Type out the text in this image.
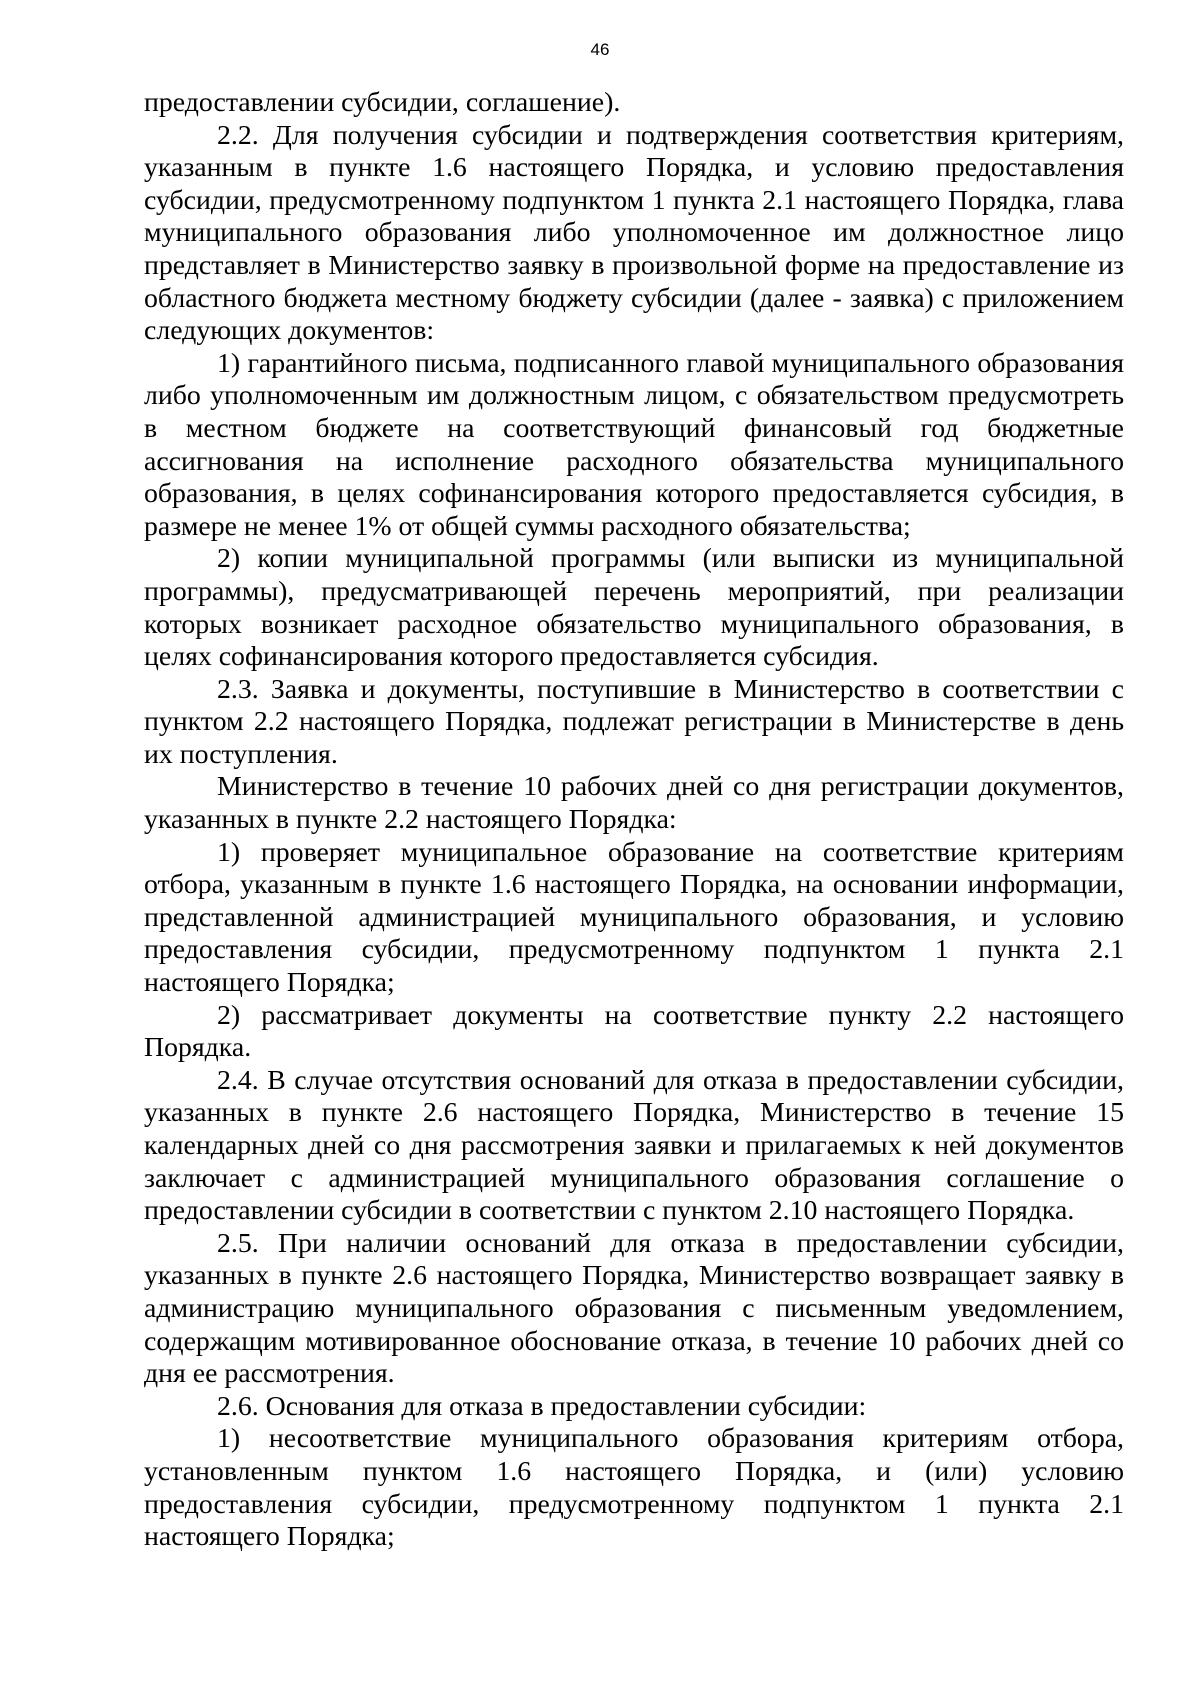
46

предоставлении субсидии, соглашение).

2.2. Для получения субсидии и подтверждения соответствия критериям, указанным в пункте 1.6 настоящего Порядка, и условию предоставления субсидии, предусмотренному подпунктом 1 пункта 2.1 настоящего Порядка, глава муниципального образования либо уполномоченное им должностное лицо представляет в Министерство заявку в произвольной форме на предоставление из областного бюджета местному бюджету субсидии (далее - заявка) с приложением следующих документов:

1) гарантийного письма, подписанного главой муниципального образования либо уполномоченным им должностным лицом, с обязательством предусмотреть в местном бюджете на соответствующий финансовый год бюджетные ассигнования на исполнение расходного обязательства муниципального образования, в целях софинансирования которого предоставляется субсидия, в размере не менее 1% от общей суммы расходного обязательства;

2) копии муниципальной программы (или выписки из муниципальной программы), предусматривающей перечень мероприятий, при реализации которых возникает расходное обязательство муниципального образования, в целях софинансирования которого предоставляется субсидия.

2.3. Заявка и документы, поступившие в Министерство в соответствии с пунктом 2.2 настоящего Порядка, подлежат регистрации в Министерстве в день их поступления.

Министерство в течение 10 рабочих дней со дня регистрации документов, указанных в пункте 2.2 настоящего Порядка:

1) проверяет муниципальное образование на соответствие критериям отбора, указанным в пункте 1.6 настоящего Порядка, на основании информации, представленной администрацией муниципального образования, и условию предоставления субсидии, предусмотренному подпунктом 1 пункта 2.1 настоящего Порядка;

2) рассматривает документы на соответствие пункту 2.2 настоящего Порядка.

2.4. В случае отсутствия оснований для отказа в предоставлении субсидии, указанных в пункте 2.6 настоящего Порядка, Министерство в течение 15 календарных дней со дня рассмотрения заявки и прилагаемых к ней документов заключает с администрацией муниципального образования соглашение о предоставлении субсидии в соответствии с пунктом 2.10 настоящего Порядка.

2.5. При наличии оснований для отказа в предоставлении субсидии, указанных в пункте 2.6 настоящего Порядка, Министерство возвращает заявку в администрацию муниципального образования с письменным уведомлением, содержащим мотивированное обоснование отказа, в течение 10 рабочих дней со дня ее рассмотрения.

2.6. Основания для отказа в предоставлении субсидии:

1) несоответствие муниципального образования критериям отбора, установленным пунктом 1.6 настоящего Порядка, и (или) условию предоставления субсидии, предусмотренному подпунктом 1 пункта 2.1 настоящего Порядка;
